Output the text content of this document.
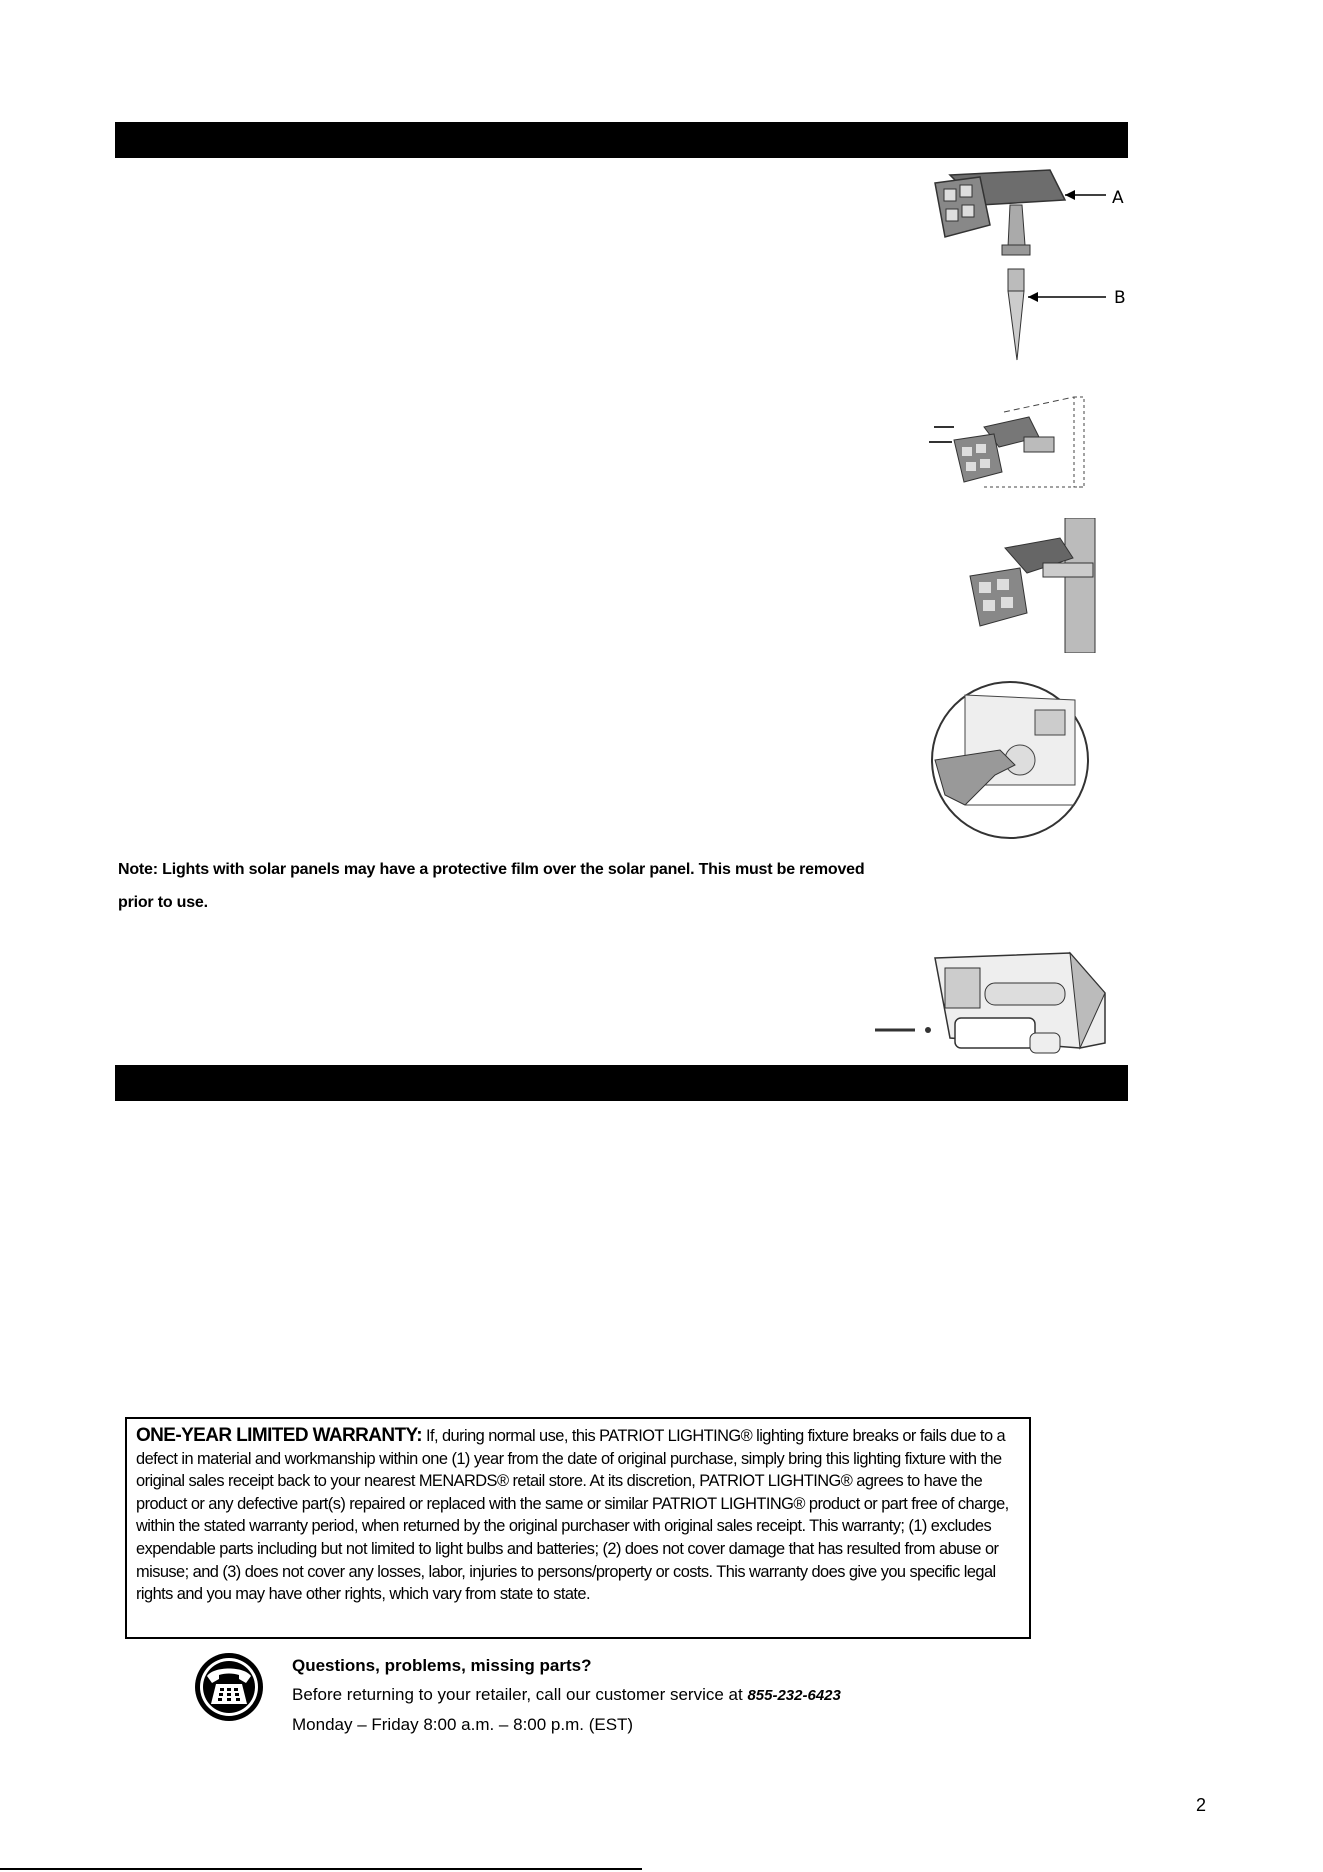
A
B
Note: Lights with solar panels may have a protective film over the solar panel. This must be removed prior to use.
ONE-YEAR LIMITED WARRANTY: If, during normal use, this PATRIOT LIGHTING® lighting fixture breaks or fails due to a defect in material and workmanship within one (1) year from the date of original purchase, simply bring this lighting fixture with the original sales receipt back to your nearest MENARDS® retail store. At its discretion, PATRIOT LIGHTING® agrees to have the product or any defective part(s) repaired or replaced with the same or similar PATRIOT LIGHTING® product or part free of charge, within the stated warranty period, when returned by the original purchaser with original sales receipt. This warranty; (1) excludes expendable parts including but not limited to light bulbs and batteries; (2) does not cover damage that has resulted from abuse or misuse; and (3) does not cover any losses, labor, injuries to persons/property or costs. This warranty does give you specific legal rights and you may have other rights, which vary from state to state.
Questions, problems, missing parts?
Before returning to your retailer, call our customer service at 855-232-6423
Monday – Friday 8:00 a.m. – 8:00 p.m. (EST)
2
